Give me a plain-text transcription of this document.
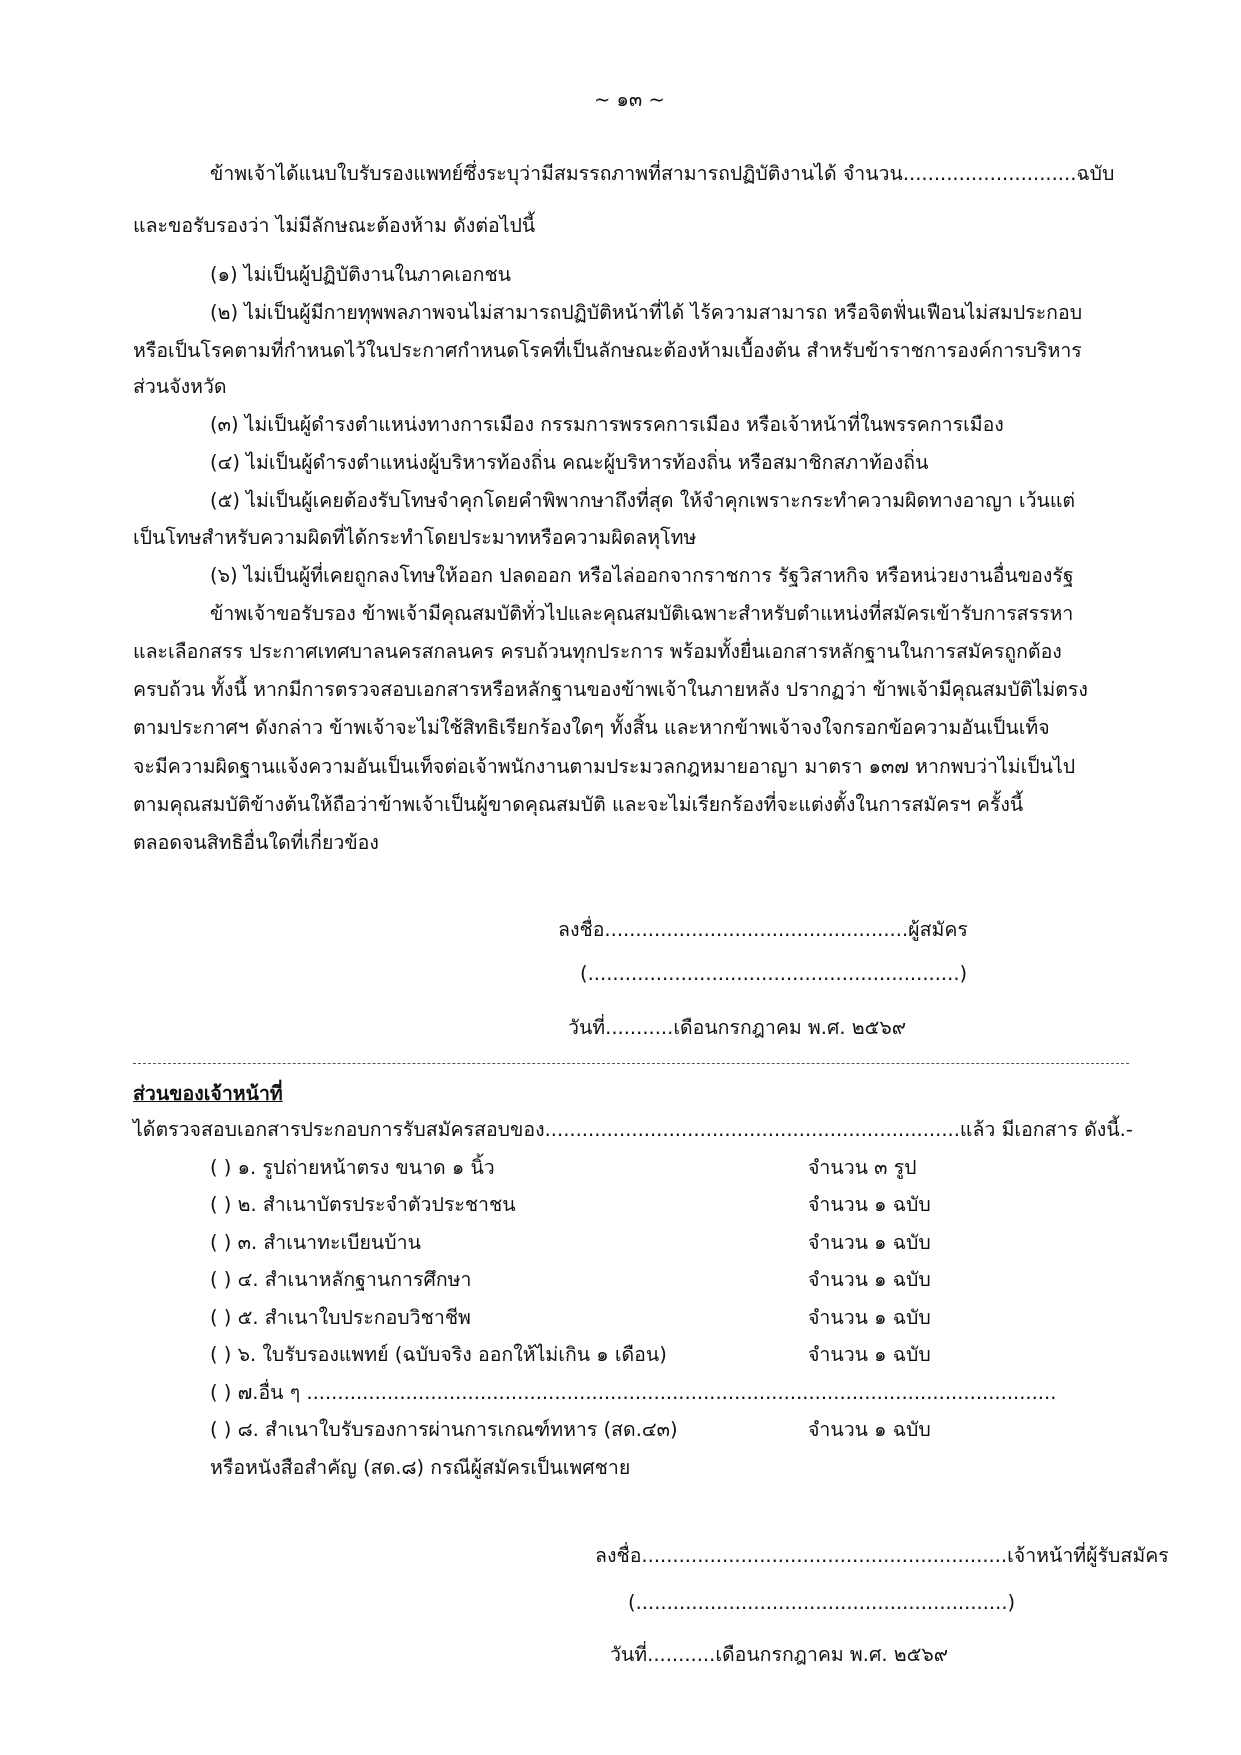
~ ๑๓ ~
ข้าพเจ้าได้แนบใบรับรองแพทย์ซึ่งระบุว่ามีสมรรถภาพที่สามารถปฏิบัติงานได้ จำนวน............................ฉบับ
และขอรับรองว่า ไม่มีลักษณะต้องห้าม ดังต่อไปนี้
(๑) ไม่เป็นผู้ปฏิบัติงานในภาคเอกชน
(๒) ไม่เป็นผู้มีกายทุพพลภาพจนไม่สามารถปฏิบัติหน้าที่ได้ ไร้ความสามารถ หรือจิตฟั่นเฟือนไม่สมประกอบ
หรือเป็นโรคตามที่กำหนดไว้ในประกาศกำหนดโรคที่เป็นลักษณะต้องห้ามเบื้องต้น สำหรับข้าราชการองค์การบริหาร
ส่วนจังหวัด
(๓) ไม่เป็นผู้ดำรงตำแหน่งทางการเมือง กรรมการพรรคการเมือง หรือเจ้าหน้าที่ในพรรคการเมือง
(๔) ไม่เป็นผู้ดำรงตำแหน่งผู้บริหารท้องถิ่น คณะผู้บริหารท้องถิ่น หรือสมาชิกสภาท้องถิ่น
(๕) ไม่เป็นผู้เคยต้องรับโทษจำคุกโดยคำพิพากษาถึงที่สุด ให้จำคุกเพราะกระทำความผิดทางอาญา เว้นแต่
เป็นโทษสำหรับความผิดที่ได้กระทำโดยประมาทหรือความผิดลหุโทษ
(๖) ไม่เป็นผู้ที่เคยถูกลงโทษให้ออก ปลดออก หรือไล่ออกจากราชการ รัฐวิสาหกิจ หรือหน่วยงานอื่นของรัฐ
ข้าพเจ้าขอรับรอง ข้าพเจ้ามีคุณสมบัติทั่วไปและคุณสมบัติเฉพาะสำหรับตำแหน่งที่สมัครเข้ารับการสรรหา
และเลือกสรร ประกาศเทศบาลนครสกลนคร ครบถ้วนทุกประการ พร้อมทั้งยื่นเอกสารหลักฐานในการสมัครถูกต้อง
ครบถ้วน ทั้งนี้ หากมีการตรวจสอบเอกสารหรือหลักฐานของข้าพเจ้าในภายหลัง ปรากฏว่า ข้าพเจ้ามีคุณสมบัติไม่ตรง
ตามประกาศฯ ดังกล่าว ข้าพเจ้าจะไม่ใช้สิทธิเรียกร้องใดๆ ทั้งสิ้น และหากข้าพเจ้าจงใจกรอกข้อความอันเป็นเท็จ
จะมีความผิดฐานแจ้งความอันเป็นเท็จต่อเจ้าพนักงานตามประมวลกฎหมายอาญา มาตรา ๑๓๗ หากพบว่าไม่เป็นไป
ตามคุณสมบัติข้างต้นให้ถือว่าข้าพเจ้าเป็นผู้ขาดคุณสมบัติ และจะไม่เรียกร้องที่จะแต่งตั้งในการสมัครฯ ครั้งนี้
ตลอดจนสิทธิอื่นใดที่เกี่ยวข้อง
ลงชื่อ.................................................ผู้สมัคร
(............................................................)
วันที่...........เดือนกรกฎาคม พ.ศ. ๒๕๖๙
ส่วนของเจ้าหน้าที่
ได้ตรวจสอบเอกสารประกอบการรับสมัครสอบของ...................................................................แล้ว มีเอกสาร ดังนี้.-
( ) ๑. รูปถ่ายหน้าตรง ขนาด ๑ นิ้ว	จำนวน ๓ รูป
( ) ๒. สำเนาบัตรประจำตัวประชาชน	จำนวน ๑ ฉบับ
( ) ๓. สำเนาทะเบียนบ้าน	จำนวน ๑ ฉบับ
( ) ๔. สำเนาหลักฐานการศึกษา	จำนวน ๑ ฉบับ
( ) ๕. สำเนาใบประกอบวิชาชีพ	จำนวน ๑ ฉบับ
( ) ๖. ใบรับรองแพทย์ (ฉบับจริง ออกให้ไม่เกิน ๑ เดือน)	จำนวน ๑ ฉบับ
( ) ๗.อื่น ๆ .........................................................................................................................
( ) ๘. สำเนาใบรับรองการผ่านการเกณฑ์ทหาร (สด.๔๓)	จำนวน ๑ ฉบับ
หรือหนังสือสำคัญ (สด.๘) กรณีผู้สมัครเป็นเพศชาย
ลงชื่อ...........................................................เจ้าหน้าที่ผู้รับสมัคร
(............................................................)
วันที่...........เดือนกรกฎาคม พ.ศ. ๒๕๖๙
